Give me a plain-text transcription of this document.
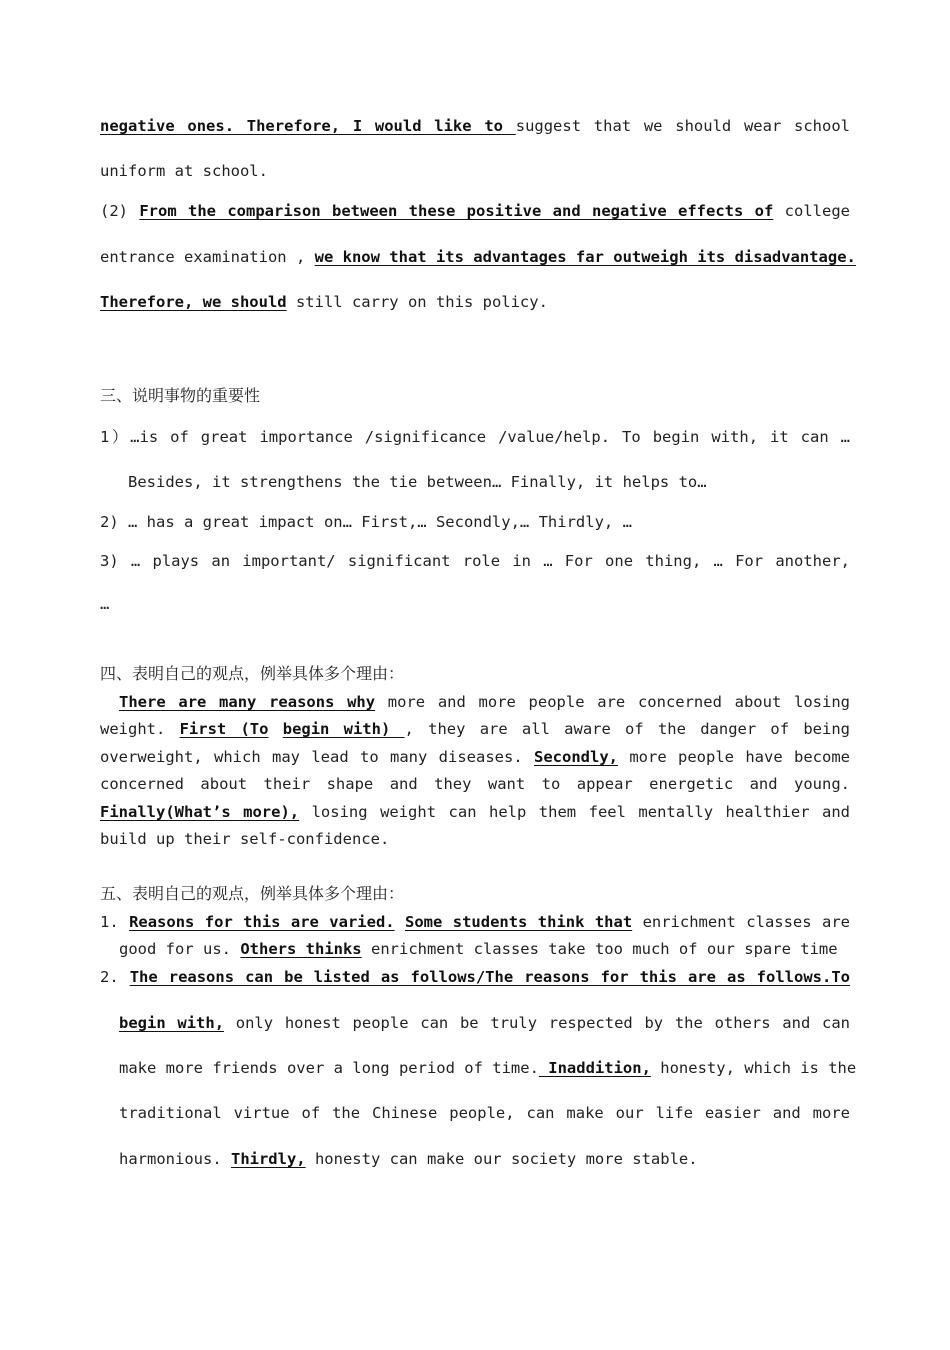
negative ones. Therefore, I would like to suggest that we should wear school
uniform at school.
(2) From the comparison between these positive and negative effects of college
entrance examination , we know that its advantages far outweigh its disadvantage.
Therefore, we should still carry on this policy.
三、说明事物的重要性
1）…is of great importance /significance /value/help. To begin with, it can …
Besides, it strengthens the tie between… Finally, it helps to…
2) … has a great impact on… First,… Secondly,… Thirdly, …
3) … plays an important/ significant role in … For one thing, … For another,
…
四、表明自己的观点，例举具体多个理由：
There are many reasons why more and more people are concerned about losing
weight. First (To begin with) , they are all aware of the danger of being
overweight, which may lead to many diseases. Secondly, more people have become
concerned about their shape and they want to appear energetic and young.
Finally(What’s more), losing weight can help them feel mentally healthier and
build up their self-confidence.
五、表明自己的观点，例举具体多个理由：
1. Reasons for this are varied. Some students think that enrichment classes are
good for us. Others thinks enrichment classes take too much of our spare time
2. The reasons can be listed as follows/The reasons for this are as follows.To
begin with, only honest people can be truly respected by the others and can
make more friends over a long period of time. Inaddition, honesty, which is the
traditional virtue of the Chinese people, can make our life easier and more
harmonious. Thirdly, honesty can make our society more stable.
